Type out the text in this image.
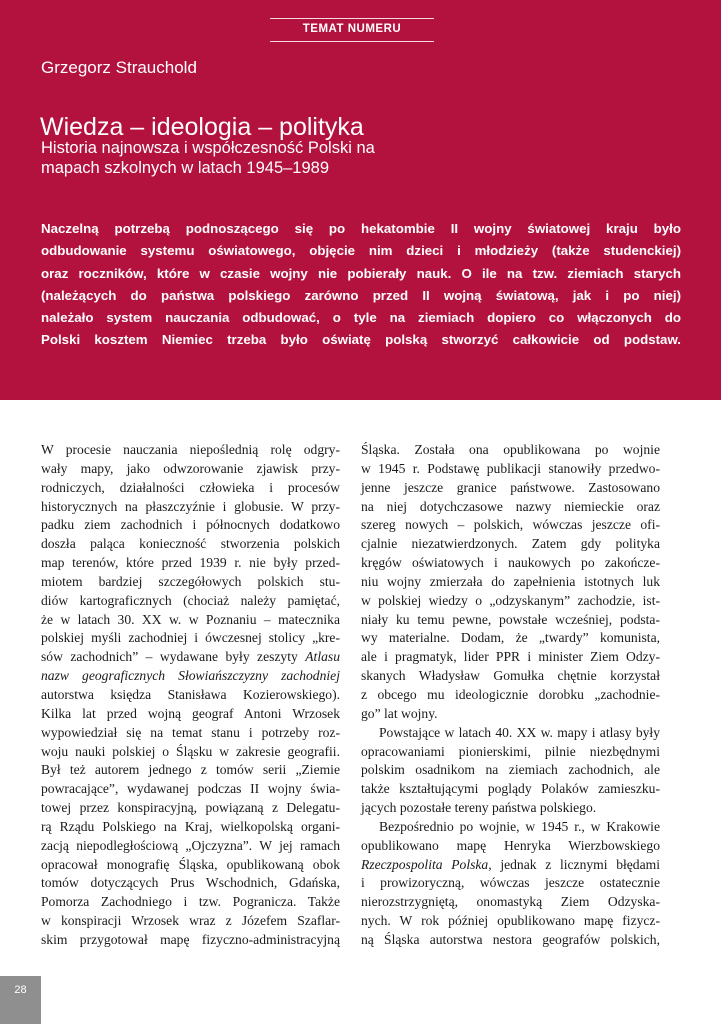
TEMAT NUMERU
Grzegorz Strauchold
Wiedza – ideologia – polityka
Historia najnowsza i współczesność Polski na
mapach szkolnych w latach 1945–1989
Naczelną potrzebą podnoszącego się po hekatombie II wojny światowej kraju było
odbudowanie systemu oświatowego, objęcie nim dzieci i młodzieży (także studenckiej)
oraz roczników, które w czasie wojny nie pobierały nauk. O ile na tzw. ziemiach starych
(należących do państwa polskiego zarówno przed II wojną światową, jak i po niej)
należało system nauczania odbudować, o tyle na ziemiach dopiero co włączonych do
Polski kosztem Niemiec trzeba było oświatę polską stworzyć całkowicie od podstaw.
W procesie nauczania niepoślednią rolę odgry-
wały mapy, jako odwzorowanie zjawisk przy-
rodniczych, działalności człowieka i procesów
historycznych na płaszczyźnie i globusie. W przy-
padku ziem zachodnich i północnych dodatkowo
doszła paląca konieczność stworzenia polskich
map terenów, które przed 1939 r. nie były przed-
miotem bardziej szczegółowych polskich stu-
diów kartograficznych (chociaż należy pamiętać,
że w latach 30. XX w. w Poznaniu – matecznika
polskiej myśli zachodniej i ówczesnej stolicy „kre-
sów zachodnich” – wydawane były zeszyty Atlasu
nazw geograficznych Słowiańszczyzny zachodniej
autorstwa księdza Stanisława Kozierowskiego).
Kilka lat przed wojną geograf Antoni Wrzosek
wypowiedział się na temat stanu i potrzeby roz-
woju nauki polskiej o Śląsku w zakresie geografii.
Był też autorem jednego z tomów serii „Ziemie
powracające”, wydawanej podczas II wojny świa-
towej przez konspiracyjną, powiązaną z Delegatu-
rą Rządu Polskiego na Kraj, wielkopolską organi-
zacją niepodległościową „Ojczyzna”. W jej ramach
opracował monografię Śląska, opublikowaną obok
tomów dotyczących Prus Wschodnich, Gdańska,
Pomorza Zachodniego i tzw. Pogranicza. Także
w konspiracji Wrzosek wraz z Józefem Szaflar-
skim przygotował mapę fizyczno-administracyjną
Śląska. Została ona opublikowana po wojnie
w 1945 r. Podstawę publikacji stanowiły przedwo-
jenne jeszcze granice państwowe. Zastosowano
na niej dotychczasowe nazwy niemieckie oraz
szereg nowych – polskich, wówczas jeszcze ofi-
cjalnie niezatwierdzonych. Zatem gdy polityka
kręgów oświatowych i naukowych po zakończe-
niu wojny zmierzała do zapełnienia istotnych luk
w polskiej wiedzy o „odzyskanym” zachodzie, ist-
niały ku temu pewne, powstałe wcześniej, podsta-
wy materialne. Dodam, że „twardy” komunista,
ale i pragmatyk, lider PPR i minister Ziem Odzy-
skanych Władysław Gomułka chętnie korzystał
z obcego mu ideologicznie dorobku „zachodnie-
go” lat wojny.
Powstające w latach 40. XX w. mapy i atlasy były
opracowaniami pionierskimi, pilnie niezbędnymi
polskim osadnikom na ziemiach zachodnich, ale
także kształtującymi poglądy Polaków zamieszku-
jących pozostałe tereny państwa polskiego.
Bezpośrednio po wojnie, w 1945 r., w Krakowie
opublikowano mapę Henryka Wierzbowskiego
Rzeczpospolita Polska, jednak z licznymi błędami
i prowizoryczną, wówczas jeszcze ostatecznie
nierozstrzygniętą, onomastyką Ziem Odzyska-
nych. W rok później opublikowano mapę fizycz-
ną Śląska autorstwa nestora geografów polskich,
28
